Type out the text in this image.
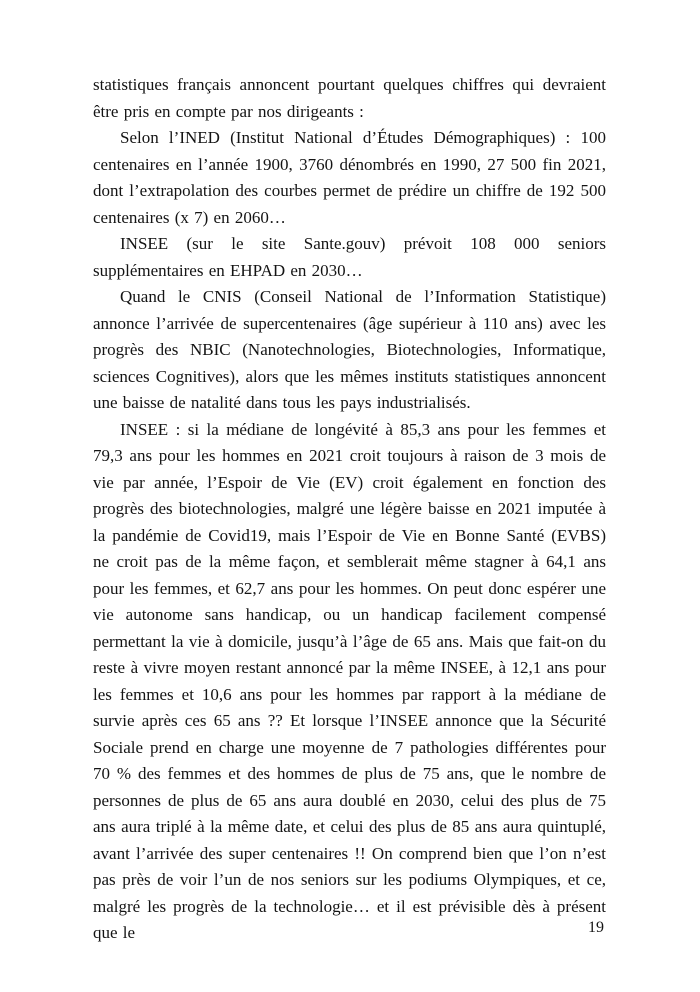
statistiques français annoncent pourtant quelques chiffres qui devraient être pris en compte par nos dirigeants :

Selon l’INED (Institut National d’Études Démographiques) : 100 centenaires en l’année 1900, 3760 dénombrés en 1990, 27 500 fin 2021, dont l’extrapolation des courbes permet de prédire un chiffre de 192 500 centenaires (x 7) en 2060…

INSEE (sur le site Sante.gouv) prévoit 108 000 seniors supplémentaires en EHPAD en 2030…

Quand le CNIS (Conseil National de l’Information Statistique) annonce l’arrivée de supercentenaires (âge supérieur à 110 ans) avec les progrès des NBIC (Nanotechnologies, Biotechnologies, Informatique, sciences Cognitives), alors que les mêmes instituts statistiques annoncent une baisse de natalité dans tous les pays industrialisés.

INSEE : si la médiane de longévité à 85,3 ans pour les femmes et 79,3 ans pour les hommes en 2021 croit toujours à raison de 3 mois de vie par année, l’Espoir de Vie (EV) croit également en fonction des progrès des biotechnologies, malgré une légère baisse en 2021 imputée à la pandémie de Covid19, mais l’Espoir de Vie en Bonne Santé (EVBS) ne croit pas de la même façon, et semblerait même stagner à 64,1 ans pour les femmes, et 62,7 ans pour les hommes. On peut donc espérer une vie autonome sans handicap, ou un handicap facilement compensé permettant la vie à domicile, jusqu’à l’âge de 65 ans. Mais que fait-on du reste à vivre moyen restant annoncé par la même INSEE, à 12,1 ans pour les femmes et 10,6 ans pour les hommes par rapport à la médiane de survie après ces 65 ans ?? Et lorsque l’INSEE annonce que la Sécurité Sociale prend en charge une moyenne de 7 pathologies différentes pour 70 % des femmes et des hommes de plus de 75 ans, que le nombre de personnes de plus de 65 ans aura doublé en 2030, celui des plus de 75 ans aura triplé à la même date, et celui des plus de 85 ans aura quintuplé, avant l’arrivée des super centenaires !! On comprend bien que l’on n’est pas près de voir l’un de nos seniors sur les podiums Olympiques, et ce, malgré les progrès de la technologie… et il est prévisible dès à présent que le	19
